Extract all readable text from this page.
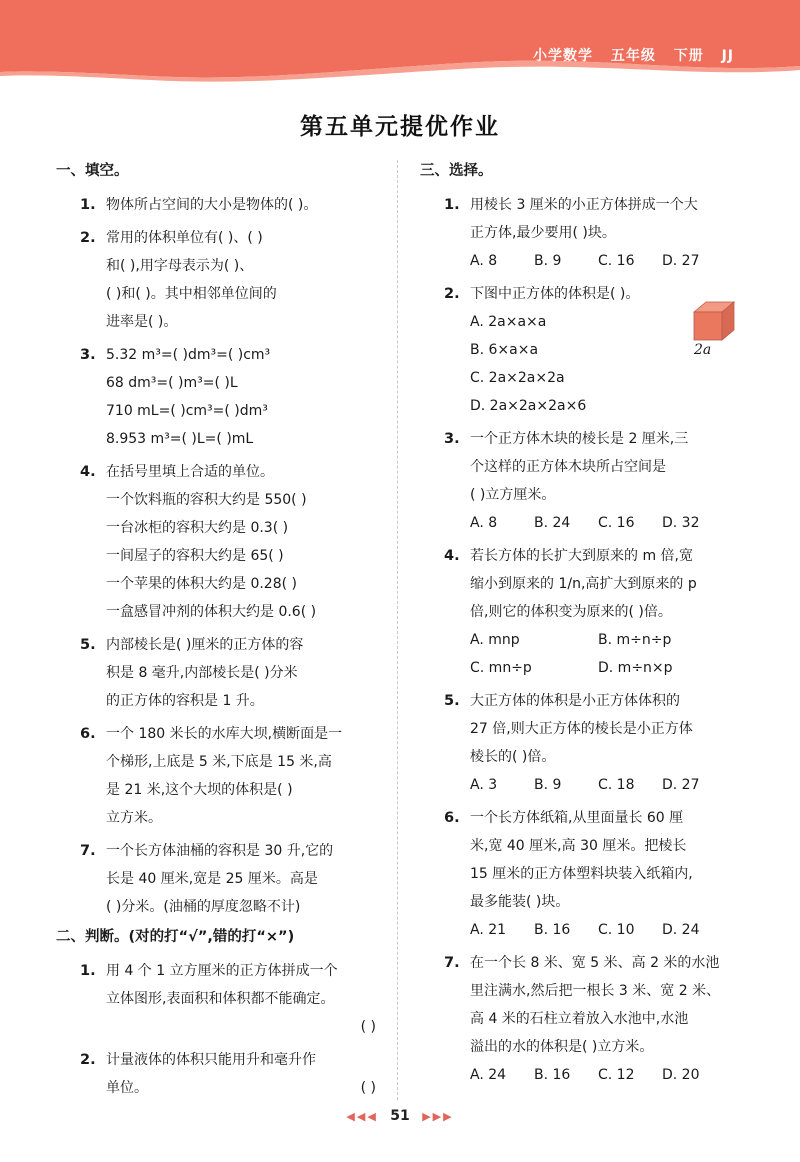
小学数学 五年级 下册 JJ
第五单元提优作业
一、填空。
1. 物体所占空间的大小是物体的( )。
2. 常用的体积单位有( )、( )
和( ),用字母表示为( )、
( )和( )。其中相邻单位间的
进率是( )。
3. 5.32 m³=( )dm³=( )cm³
68 dm³=( )m³=( )L
710 mL=( )cm³=( )dm³
8.953 m³=( )L=( )mL
4. 在括号里填上合适的单位。
一个饮料瓶的容积大约是 550( )
一台冰柜的容积大约是 0.3( )
一间屋子的容积大约是 65( )
一个苹果的体积大约是 0.28( )
一盒感冒冲剂的体积大约是 0.6( )
5. 内部棱长是( )厘米的正方体的容
积是 8 毫升,内部棱长是( )分米
的正方体的容积是 1 升。
6. 一个 180 米长的水库大坝,横断面是一
个梯形,上底是 5 米,下底是 15 米,高
是 21 米,这个大坝的体积是( )
立方米。
7. 一个长方体油桶的容积是 30 升,它的
长是 40 厘米,宽是 25 厘米。高是
( )分米。(油桶的厚度忽略不计)
二、判断。(对的打“√”,错的打“×”)
1. 用 4 个 1 立方厘米的正方体拼成一个
立体图形,表面积和体积都不能确定。
( )
2. 计量液体的体积只能用升和毫升作
单位。	( )
三、选择。
1. 用棱长 3 厘米的小正方体拼成一个大
正方体,最少要用( )块。
A. 8	B. 9	C. 16 D. 27
2. 下图中正方体的体积是( )。
A. 2a×a×a
B. 6×a×a
C. 2a×2a×2a
D. 2a×2a×2a×6
3. 一个正方体木块的棱长是 2 厘米,三
个这样的正方体木块所占空间是
( )立方厘米。
A. 8	B. 24 C. 16 D. 32
4. 若长方体的长扩大到原来的 m 倍,宽
缩小到原来的 1/n,高扩大到原来的 p
倍,则它的体积变为原来的( )倍。
A. mnp	B. m÷n÷p
C. mn÷p	D. m÷n×p
5. 大正方体的体积是小正方体体积的
27 倍,则大正方体的棱长是小正方体
棱长的( )倍。
A. 3	B. 9	C. 18 D. 27
6. 一个长方体纸箱,从里面量长 60 厘
米,宽 40 厘米,高 30 厘米。把棱长
15 厘米的正方体塑料块装入纸箱内,
最多能装( )块。
A. 21 B. 16 C. 10 D. 24
7. 在一个长 8 米、宽 5 米、高 2 米的水池
里注满水,然后把一根长 3 米、宽 2 米、
高 4 米的石柱立着放入水池中,水池
溢出的水的体积是( )立方米。
A. 24 B. 16 C. 12 D. 20
2a
◀◀◀ 51 ▶▶▶
